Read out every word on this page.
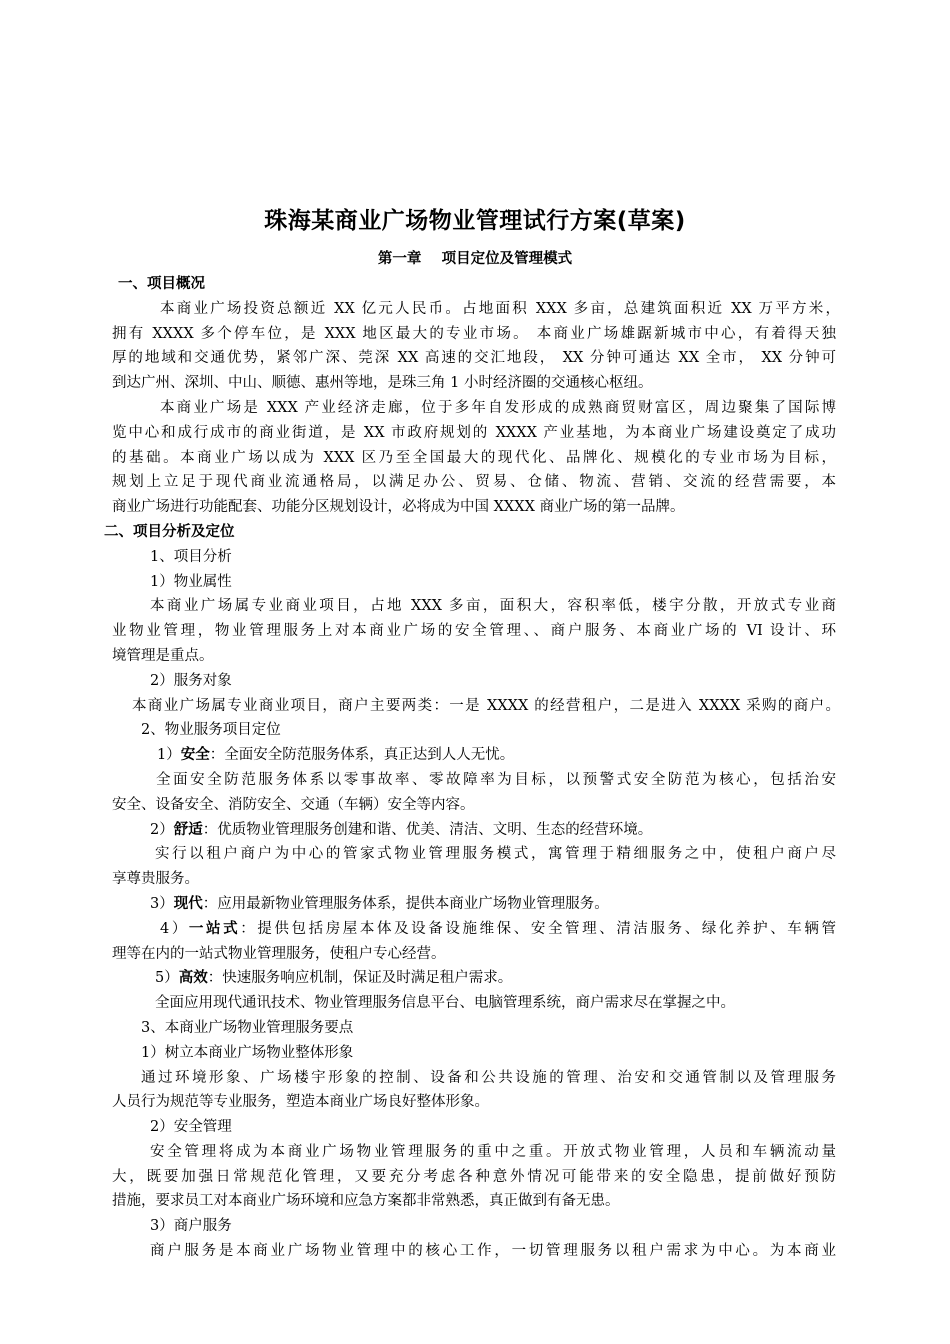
珠海某商业广场物业管理试行方案(草案)
第一章    项目定位及管理模式
一、项目概况
本商业广场投资总额近 XX 亿元人民币。占地面积 XXX 多亩，总建筑面积近 XX 万平方米，
拥有 XXXX 多个停车位，是 XXX 地区最大的专业市场。 本商业广场雄踞新城市中心，有着得天独
厚的地域和交通优势，紧邻广深、莞深 XX 高速的交汇地段， XX 分钟可通达 XX 全市， XX 分钟可
到达广州、深圳、中山、顺德、惠州等地，是珠三角 1 小时经济圈的交通核心枢纽。
本商业广场是 XXX 产业经济走廊，位于多年自发形成的成熟商贸财富区，周边聚集了国际博
览中心和成行成市的商业街道，是 XX 市政府规划的 XXXX 产业基地，为本商业广场建设奠定了成功
的基础。本商业广场以成为 XXX 区乃至全国最大的现代化、品牌化、规模化的专业市场为目标，
规划上立足于现代商业流通格局，以满足办公、贸易、仓储、物流、营销、交流的经营需要，本
商业广场进行功能配套、功能分区规划设计，必将成为中国 XXXX 商业广场的第一品牌。
二、项目分析及定位
1、项目分析
1）物业属性
本商业广场属专业商业项目，占地 XXX 多亩，面积大，容积率低，楼宇分散，开放式专业商
业物业管理，物业管理服务上对本商业广场的安全管理、、商户服务、本商业广场的 VI 设计、环
境管理是重点。
2）服务对象
本商业广场属专业商业项目，商户主要两类：一是 XXXX 的经营租户，二是进入 XXXX 采购的商户。
2、物业服务项目定位
1）安全：全面安全防范服务体系，真正达到人人无忧。
全面安全防范服务体系以零事故率、零故障率为目标，以预警式安全防范为核心，包括治安
安全、设备安全、消防安全、交通（车辆）安全等内容。
2）舒适：优质物业管理服务创建和谐、优美、清洁、文明、生态的经营环境。
实行以租户商户为中心的管家式物业管理服务模式，寓管理于精细服务之中，使租户商户尽
享尊贵服务。
3）现代：应用最新物业管理服务体系，提供本商业广场物业管理服务。
4）一站式：提供包括房屋本体及设备设施维保、安全管理、清洁服务、绿化养护、车辆管
理等在内的一站式物业管理服务，使租户专心经营。
5）高效：快速服务响应机制，保证及时满足租户需求。
全面应用现代通讯技术、物业管理服务信息平台、电脑管理系统，商户需求尽在掌握之中。
3、本商业广场物业管理服务要点
1）树立本商业广场物业整体形象
通过环境形象、广场楼宇形象的控制、设备和公共设施的管理、治安和交通管制以及管理服务
人员行为规范等专业服务，塑造本商业广场良好整体形象。
2）安全管理
安全管理将成为本商业广场物业管理服务的重中之重。开放式物业管理，人员和车辆流动量
大，既要加强日常规范化管理，又要充分考虑各种意外情况可能带来的安全隐患，提前做好预防
措施，要求员工对本商业广场环境和应急方案都非常熟悉，真正做到有备无患。
3）商户服务
商户服务是本商业广场物业管理中的核心工作，一切管理服务以租户需求为中心。为本商业
